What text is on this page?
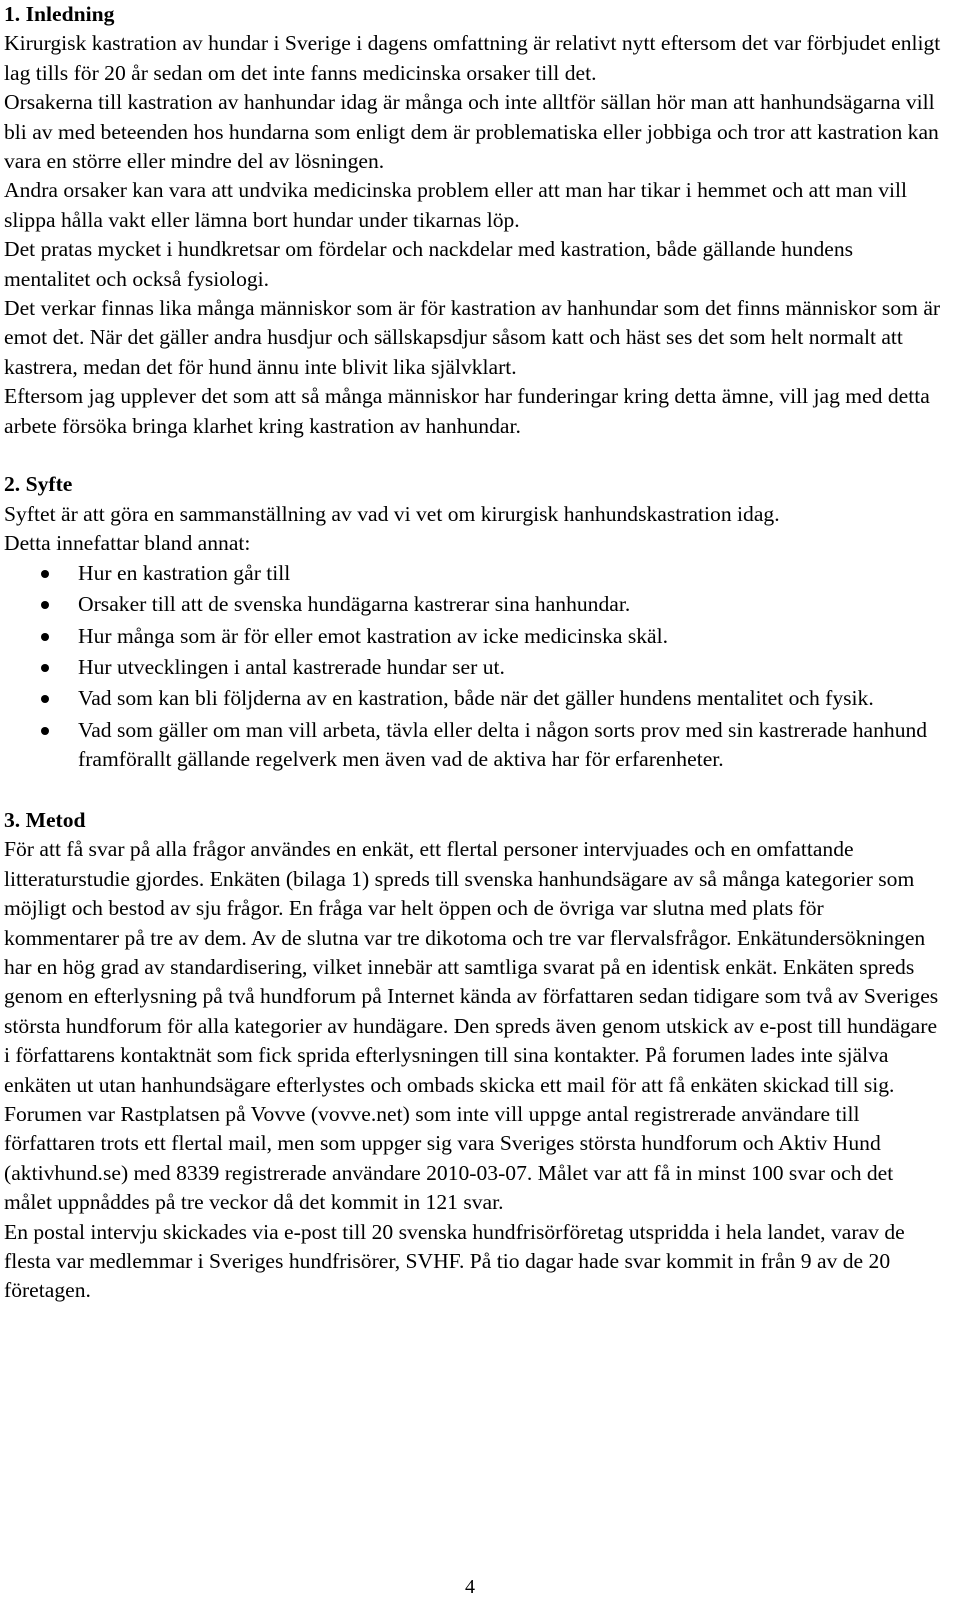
1. Inledning

Kirurgisk kastration av hundar i Sverige i dagens omfattning är relativt nytt eftersom det var förbjudet enligt lag tills för 20 år sedan om det inte fanns medicinska orsaker till det.

Orsakerna till kastration av hanhundar idag är många och inte alltför sällan hör man att hanhundsägarna vill bli av med beteenden hos hundarna som enligt dem är problematiska eller jobbiga och tror att kastration kan vara en större eller mindre del av lösningen.

Andra orsaker kan vara att undvika medicinska problem eller att man har tikar i hemmet och att man vill slippa hålla vakt eller lämna bort hundar under tikarnas löp.

Det pratas mycket i hundkretsar om fördelar och nackdelar med kastration, både gällande hundens mentalitet och också fysiologi.

Det verkar finnas lika många människor som är för kastration av hanhundar som det finns människor som är emot det. När det gäller andra husdjur och sällskapsdjur såsom katt och häst ses det som helt normalt att kastrera, medan det för hund ännu inte blivit lika självklart.

Eftersom jag upplever det som att så många människor har funderingar kring detta ämne, vill jag med detta arbete försöka bringa klarhet kring kastration av hanhundar.

2. Syfte

Syftet är att göra en sammanställning av vad vi vet om kirurgisk hanhundskastration idag.

Detta innefattar bland annat:

Hur en kastration går till
Orsaker till att de svenska hundägarna kastrerar sina hanhundar.
Hur många som är för eller emot kastration av icke medicinska skäl.
Hur utvecklingen i antal kastrerade hundar ser ut.
Vad som kan bli följderna av en kastration, både när det gäller hundens mentalitet och fysik.
Vad som gäller om man vill arbeta, tävla eller delta i någon sorts prov med sin kastrerade hanhund framförallt gällande regelverk men även vad de aktiva har för erfarenheter.
3. Metod

För att få svar på alla frågor användes en enkät, ett flertal personer intervjuades och en omfattande litteraturstudie gjordes. Enkäten (bilaga 1) spreds till svenska hanhundsägare av så många kategorier som möjligt och bestod av sju frågor. En fråga var helt öppen och de övriga var slutna med plats för kommentarer på tre av dem. Av de slutna var tre dikotoma och tre var flervalsfrågor. Enkätundersökningen har en hög grad av standardisering, vilket innebär att samtliga svarat på en identisk enkät. Enkäten spreds genom en efterlysning på två hundforum på Internet kända av författaren sedan tidigare som två av Sveriges största hundforum för alla kategorier av hundägare. Den spreds även genom utskick av e-post till hundägare i författarens kontaktnät som fick sprida efterlysningen till sina kontakter. På forumen lades inte själva enkäten ut utan hanhundsägare efterlystes och ombads skicka ett mail för att få enkäten skickad till sig. Forumen var Rastplatsen på Vovve (vovve.net) som inte vill uppge antal registrerade användare till författaren trots ett flertal mail, men som uppger sig vara Sveriges största hundforum och Aktiv Hund (aktivhund.se) med 8339 registrerade användare 2010-03-07. Målet var att få in minst 100 svar och det målet uppnåddes på tre veckor då det kommit in 121 svar.

En postal intervju skickades via e-post till 20 svenska hundfrisörföretag utspridda i hela landet, varav de flesta var medlemmar i Sveriges hundfrisörer, SVHF. På tio dagar hade svar kommit in från 9 av de 20 företagen.

4
